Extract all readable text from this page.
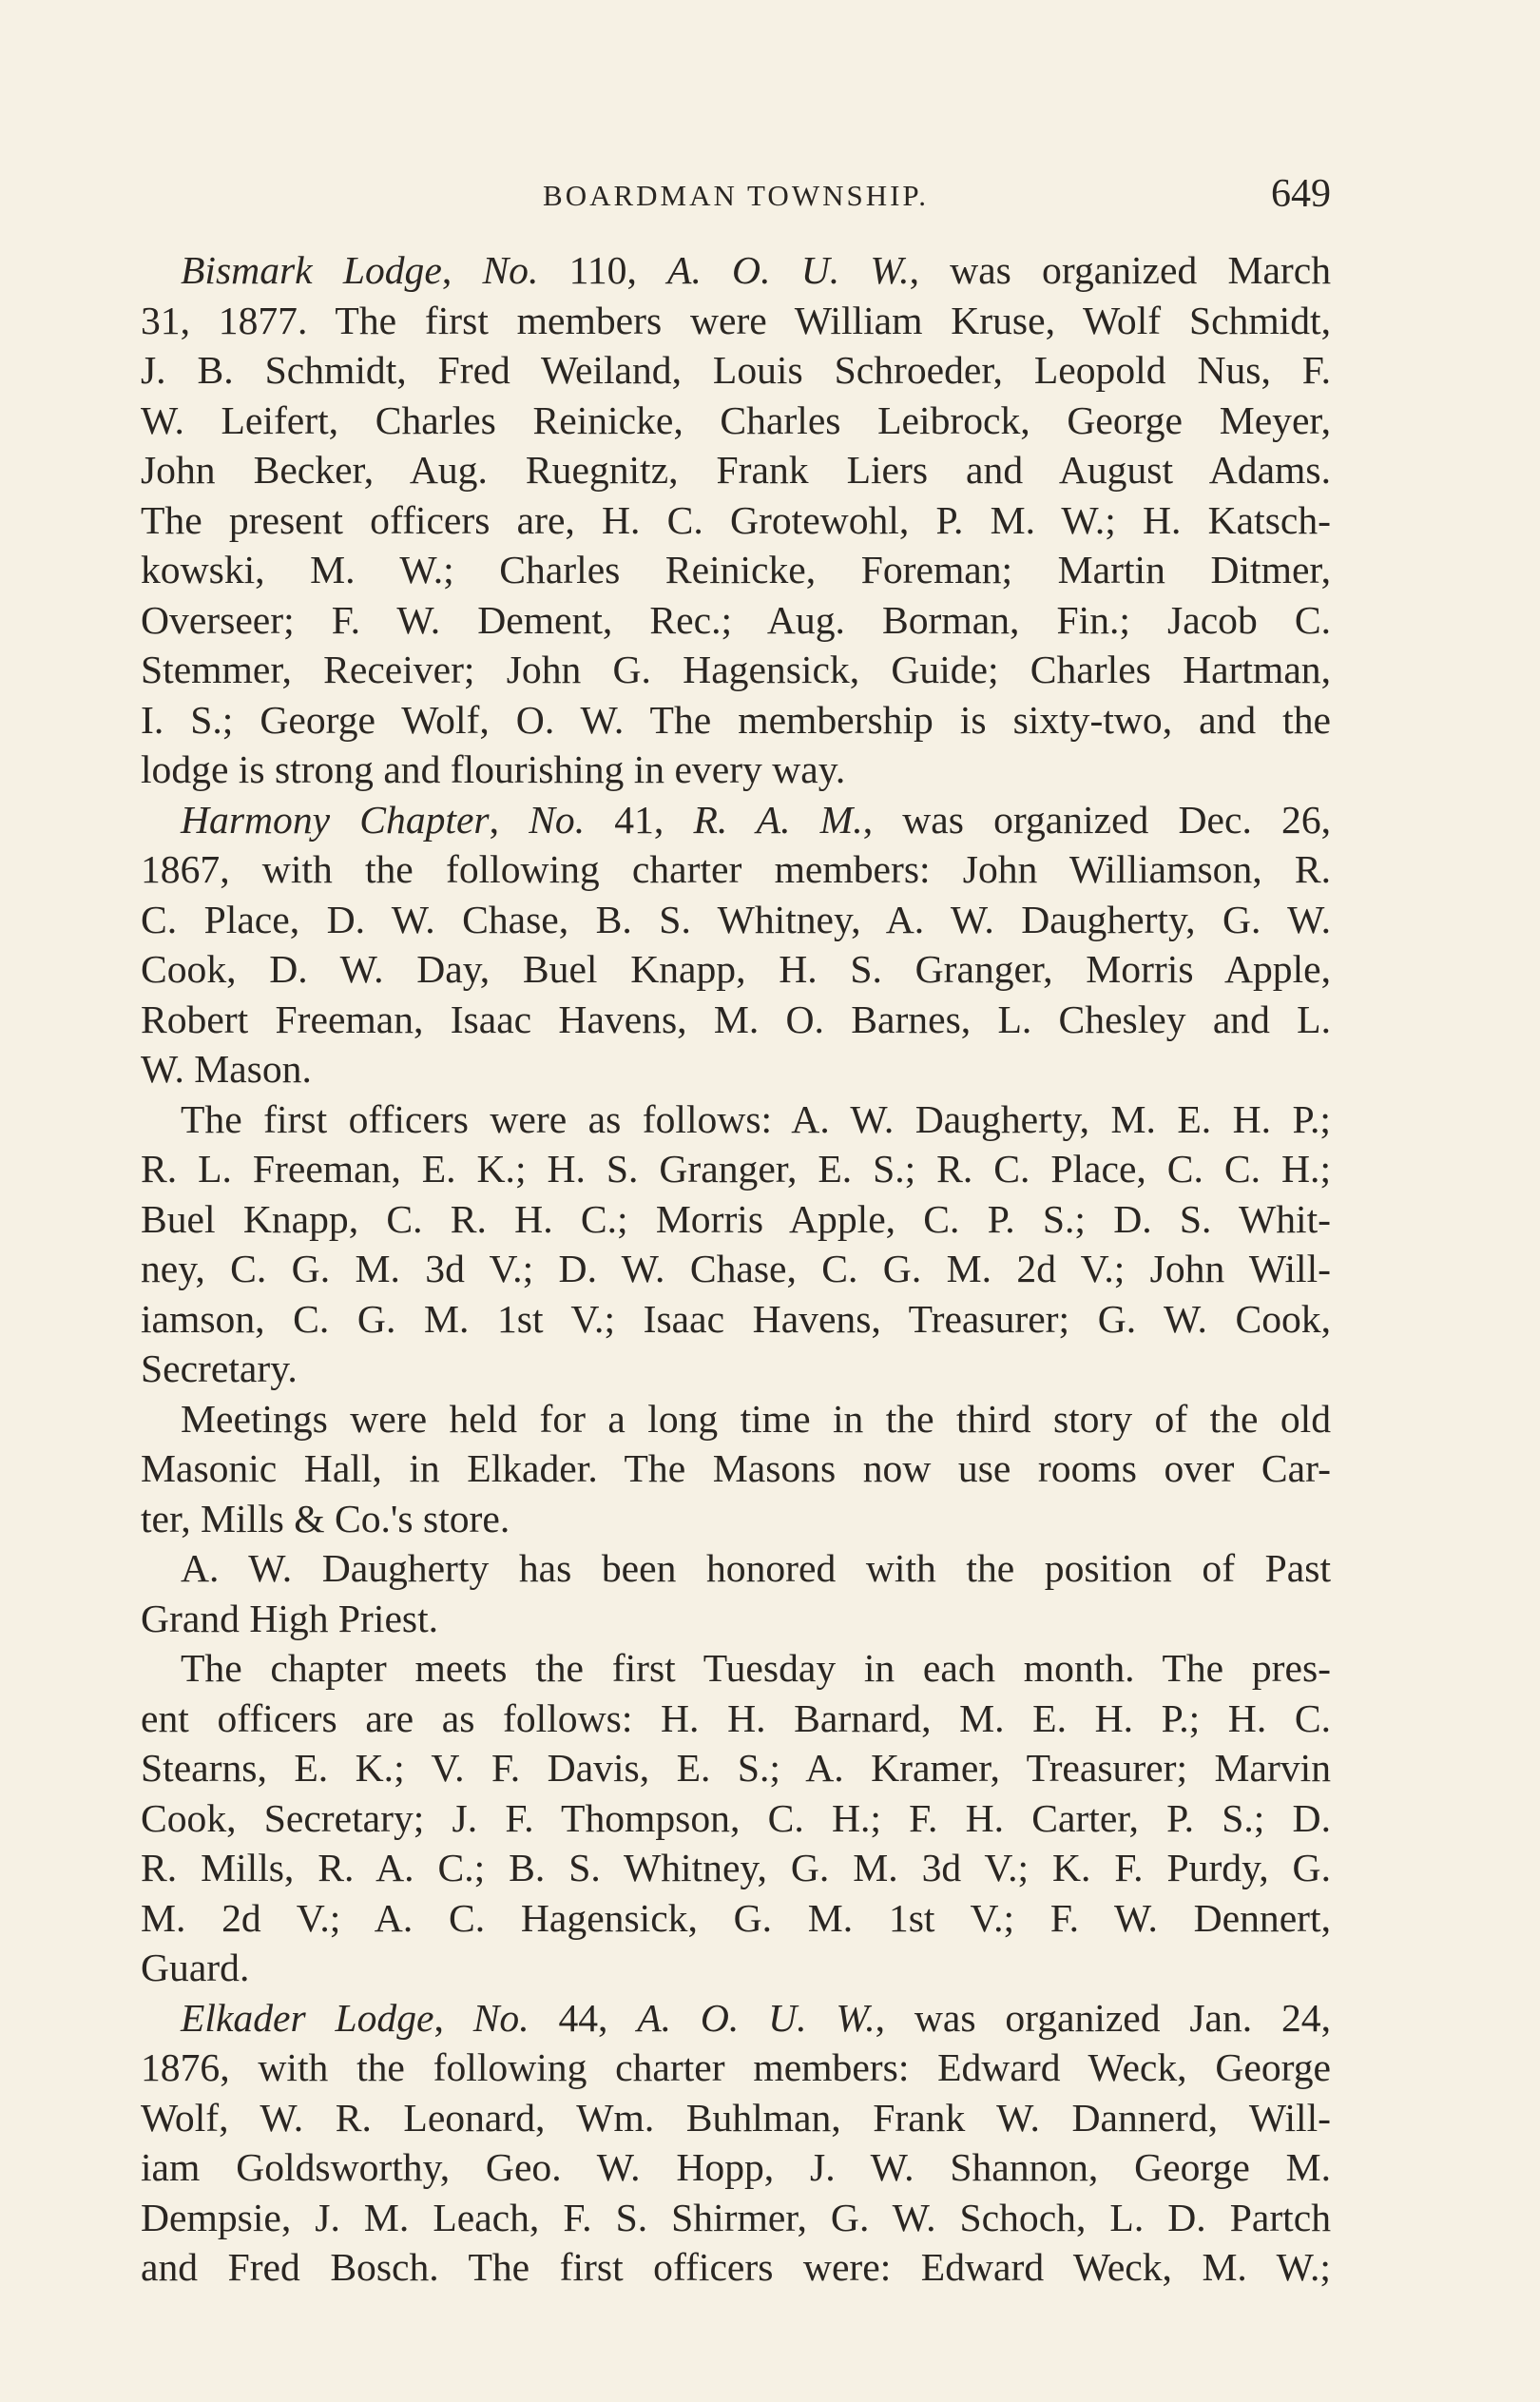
BOARDMAN TOWNSHIP.	649
Bismark Lodge, No. 110, A. O. U. W., was organized March
31, 1877. The first members were William Kruse, Wolf Schmidt,
J. B. Schmidt, Fred Weiland, Louis Schroeder, Leopold Nus, F.
W. Leifert, Charles Reinicke, Charles Leibrock, George Meyer,
John Becker, Aug. Ruegnitz, Frank Liers and August Adams.
The present officers are, H. C. Grotewohl, P. M. W.; H. Katsch-
kowski, M. W.; Charles Reinicke, Foreman; Martin Ditmer,
Overseer; F. W. Dement, Rec.; Aug. Borman, Fin.; Jacob C.
Stemmer, Receiver; John G. Hagensick, Guide; Charles Hartman,
I. S.; George Wolf, O. W. The membership is sixty-two, and the
lodge is strong and flourishing in every way.
Harmony Chapter, No. 41, R. A. M., was organized Dec. 26,
1867, with the following charter members: John Williamson, R.
C. Place, D. W. Chase, B. S. Whitney, A. W. Daugherty, G. W.
Cook, D. W. Day, Buel Knapp, H. S. Granger, Morris Apple,
Robert Freeman, Isaac Havens, M. O. Barnes, L. Chesley and L.
W. Mason.
The first officers were as follows: A. W. Daugherty, M. E. H. P.;
R. L. Freeman, E. K.; H. S. Granger, E. S.; R. C. Place, C. C. H.;
Buel Knapp, C. R. H. C.; Morris Apple, C. P. S.; D. S. Whit-
ney, C. G. M. 3d V.; D. W. Chase, C. G. M. 2d V.; John Will-
iamson, C. G. M. 1st V.; Isaac Havens, Treasurer; G. W. Cook,
Secretary.
Meetings were held for a long time in the third story of the old
Masonic Hall, in Elkader. The Masons now use rooms over Car-
ter, Mills & Co.'s store.
A. W. Daugherty has been honored with the position of Past
Grand High Priest.
The chapter meets the first Tuesday in each month. The pres-
ent officers are as follows: H. H. Barnard, M. E. H. P.; H. C.
Stearns, E. K.; V. F. Davis, E. S.; A. Kramer, Treasurer; Marvin
Cook, Secretary; J. F. Thompson, C. H.; F. H. Carter, P. S.; D.
R. Mills, R. A. C.; B. S. Whitney, G. M. 3d V.; K. F. Purdy, G.
M. 2d V.; A. C. Hagensick, G. M. 1st V.; F. W. Dennert,
Guard.
Elkader Lodge, No. 44, A. O. U. W., was organized Jan. 24,
1876, with the following charter members: Edward Weck, George
Wolf, W. R. Leonard, Wm. Buhlman, Frank W. Dannerd, Will-
iam Goldsworthy, Geo. W. Hopp, J. W. Shannon, George M.
Dempsie, J. M. Leach, F. S. Shirmer, G. W. Schoch, L. D. Partch
and Fred Bosch. The first officers were: Edward Weck, M. W.;
